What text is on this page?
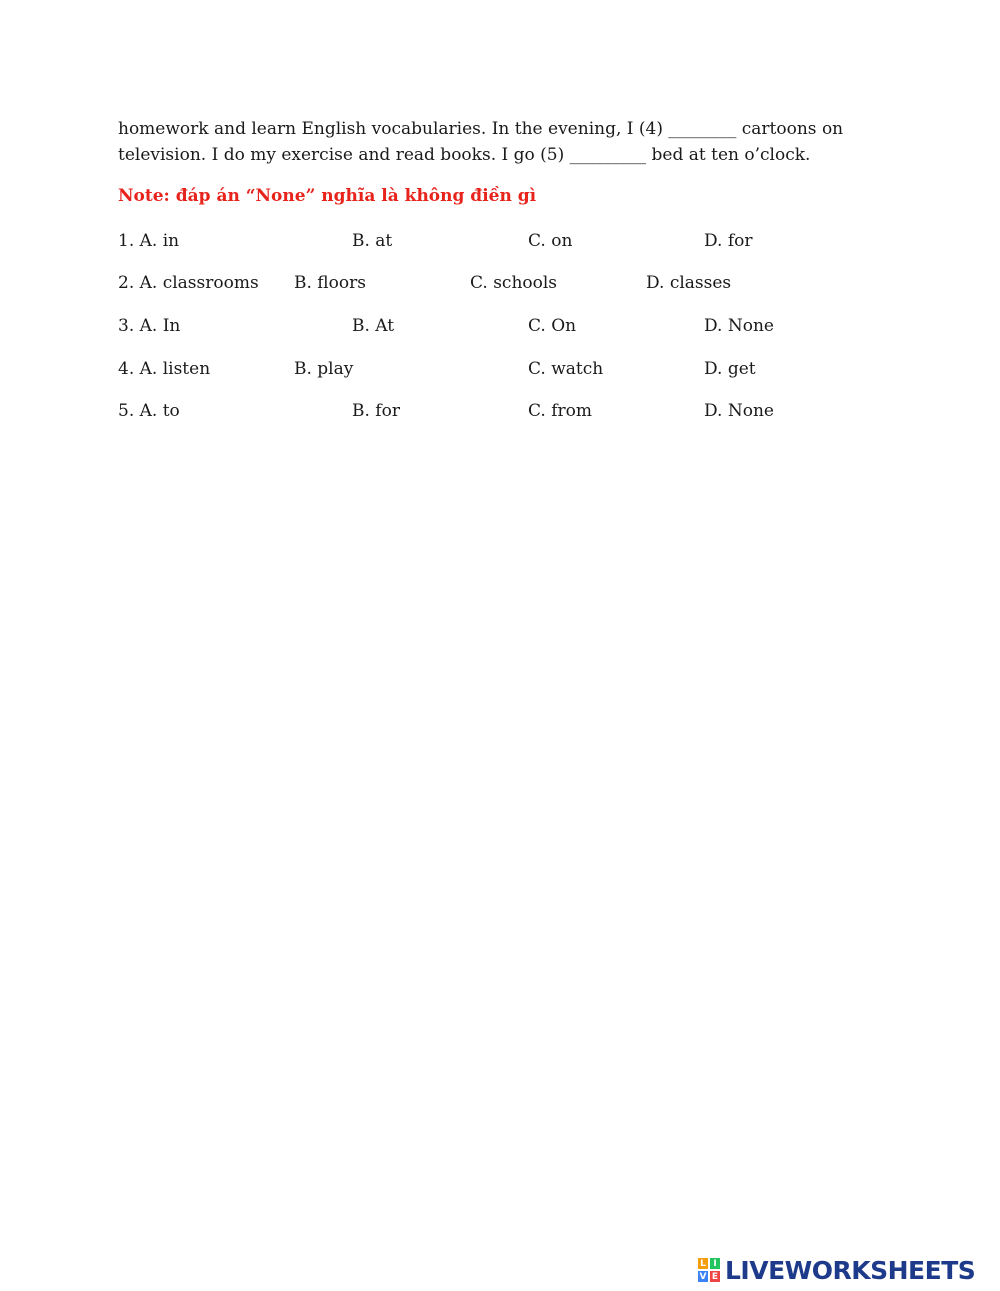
homework and learn English vocabularies. In the evening, I (4) ________ cartoons on

television. I do my exercise and read books. I go (5) _________ bed at ten o’clock.

Note: đáp án “None” nghĩa là không điền gì
1. A. in	B. at	C. on	D. for
2. A. classrooms B. floors	C. schools	D. classes
3. A. In	B. At	C. On	D. None
4. A. listen	B. play	C. watch	D. get
5. A. to	B. for	C. from	D. None
L I
V E LIVEWORKSHEETS
